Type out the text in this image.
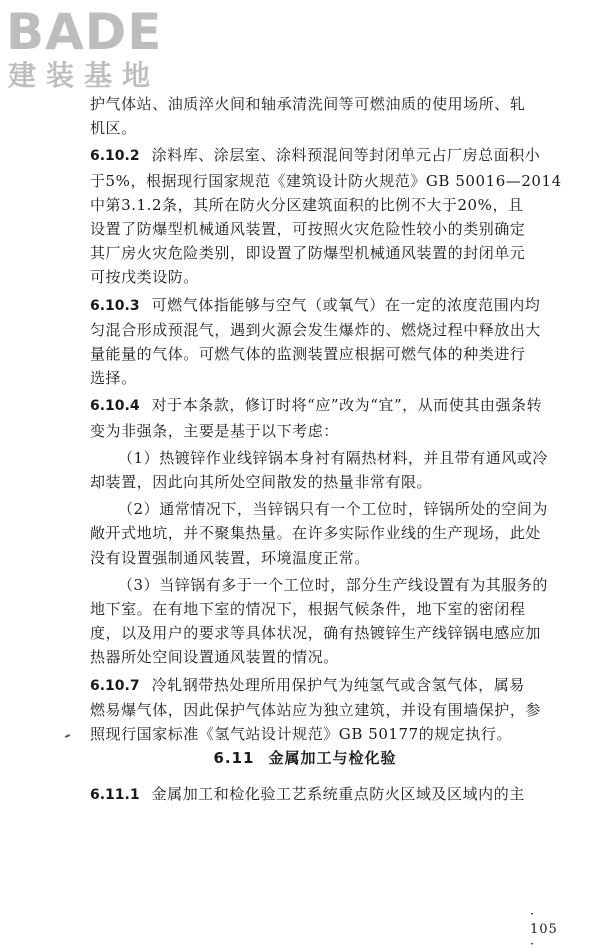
BADE
建装基地
护气体站、油质淬火间和轴承清洗间等可燃油质的使用场所、轧
机区。
6.10.2 涂料库、涂层室、涂料预混间等封闭单元占厂房总面积小
于5%，根据现行国家规范《建筑设计防火规范》GB 50016—2014
中第3.1.2条，其所在防火分区建筑面积的比例不大于20%，且
设置了防爆型机械通风装置，可按照火灾危险性较小的类别确定
其厂房火灾危险类别，即设置了防爆型机械通风装置的封闭单元
可按戊类设防。
6.10.3 可燃气体指能够与空气（或氧气）在一定的浓度范围内均
匀混合形成预混气，遇到火源会发生爆炸的、燃烧过程中释放出大
量能量的气体。可燃气体的监测装置应根据可燃气体的种类进行
选择。
6.10.4 对于本条款，修订时将“应”改为“宜”，从而使其由强条转
变为非强条，主要是基于以下考虑：
（1）热镀锌作业线锌锅本身衬有隔热材料，并且带有通风或冷
却装置，因此向其所处空间散发的热量非常有限。
（2）通常情况下，当锌锅只有一个工位时，锌锅所处的空间为
敞开式地坑，并不聚集热量。在许多实际作业线的生产现场，此处
没有设置强制通风装置，环境温度正常。
（3）当锌锅有多于一个工位时，部分生产线设置有为其服务的
地下室。在有地下室的情况下，根据气候条件，地下室的密闭程
度，以及用户的要求等具体状况，确有热镀锌生产线锌锅电感应加
热器所处空间设置通风装置的情况。
6.10.7 冷轧钢带热处理所用保护气为纯氢气或含氢气体，属易
燃易爆气体，因此保护气体站应为独立建筑，并设有围墙保护，参
照现行国家标准《氢气站设计规范》GB 50177的规定执行。
6.11 金属加工与检化验
6.11.1 金属加工和检化验工艺系统重点防火区域及区域内的主
· 105 ·
